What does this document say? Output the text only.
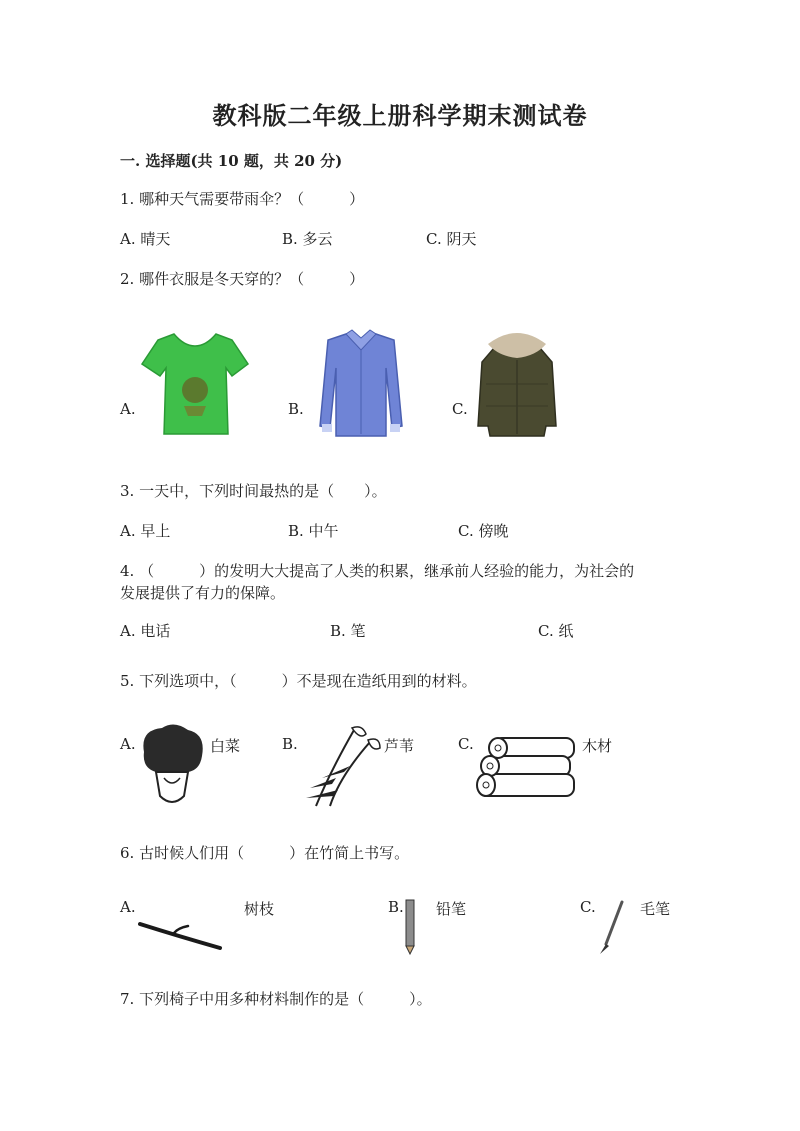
教科版二年级上册科学期末测试卷
一. 选择题(共 10 题，共 20 分)
1. 哪种天气需要带雨伞？（　　　）
A. 晴天	B. 多云	C. 阴天
2. 哪件衣服是冬天穿的？（　　　）
A.	B.	C.
3. 一天中，下列时间最热的是（　　）。
A. 早上	B. 中午	C. 傍晚
4. （　　　）的发明大大提高了人类的积累，继承前人经验的能力，为社会的
发展提供了有力的保障。
A. 电话	B. 笔	C. 纸
5. 下列选项中，（　　　）不是现在造纸用到的材料。
A.	白菜	B.	芦苇	C.	木材
6. 古时候人们用（　　　）在竹简上书写。
A.	树枝	B. 铅笔	C.	毛笔
7. 下列椅子中用多种材料制作的是（　　　）。
